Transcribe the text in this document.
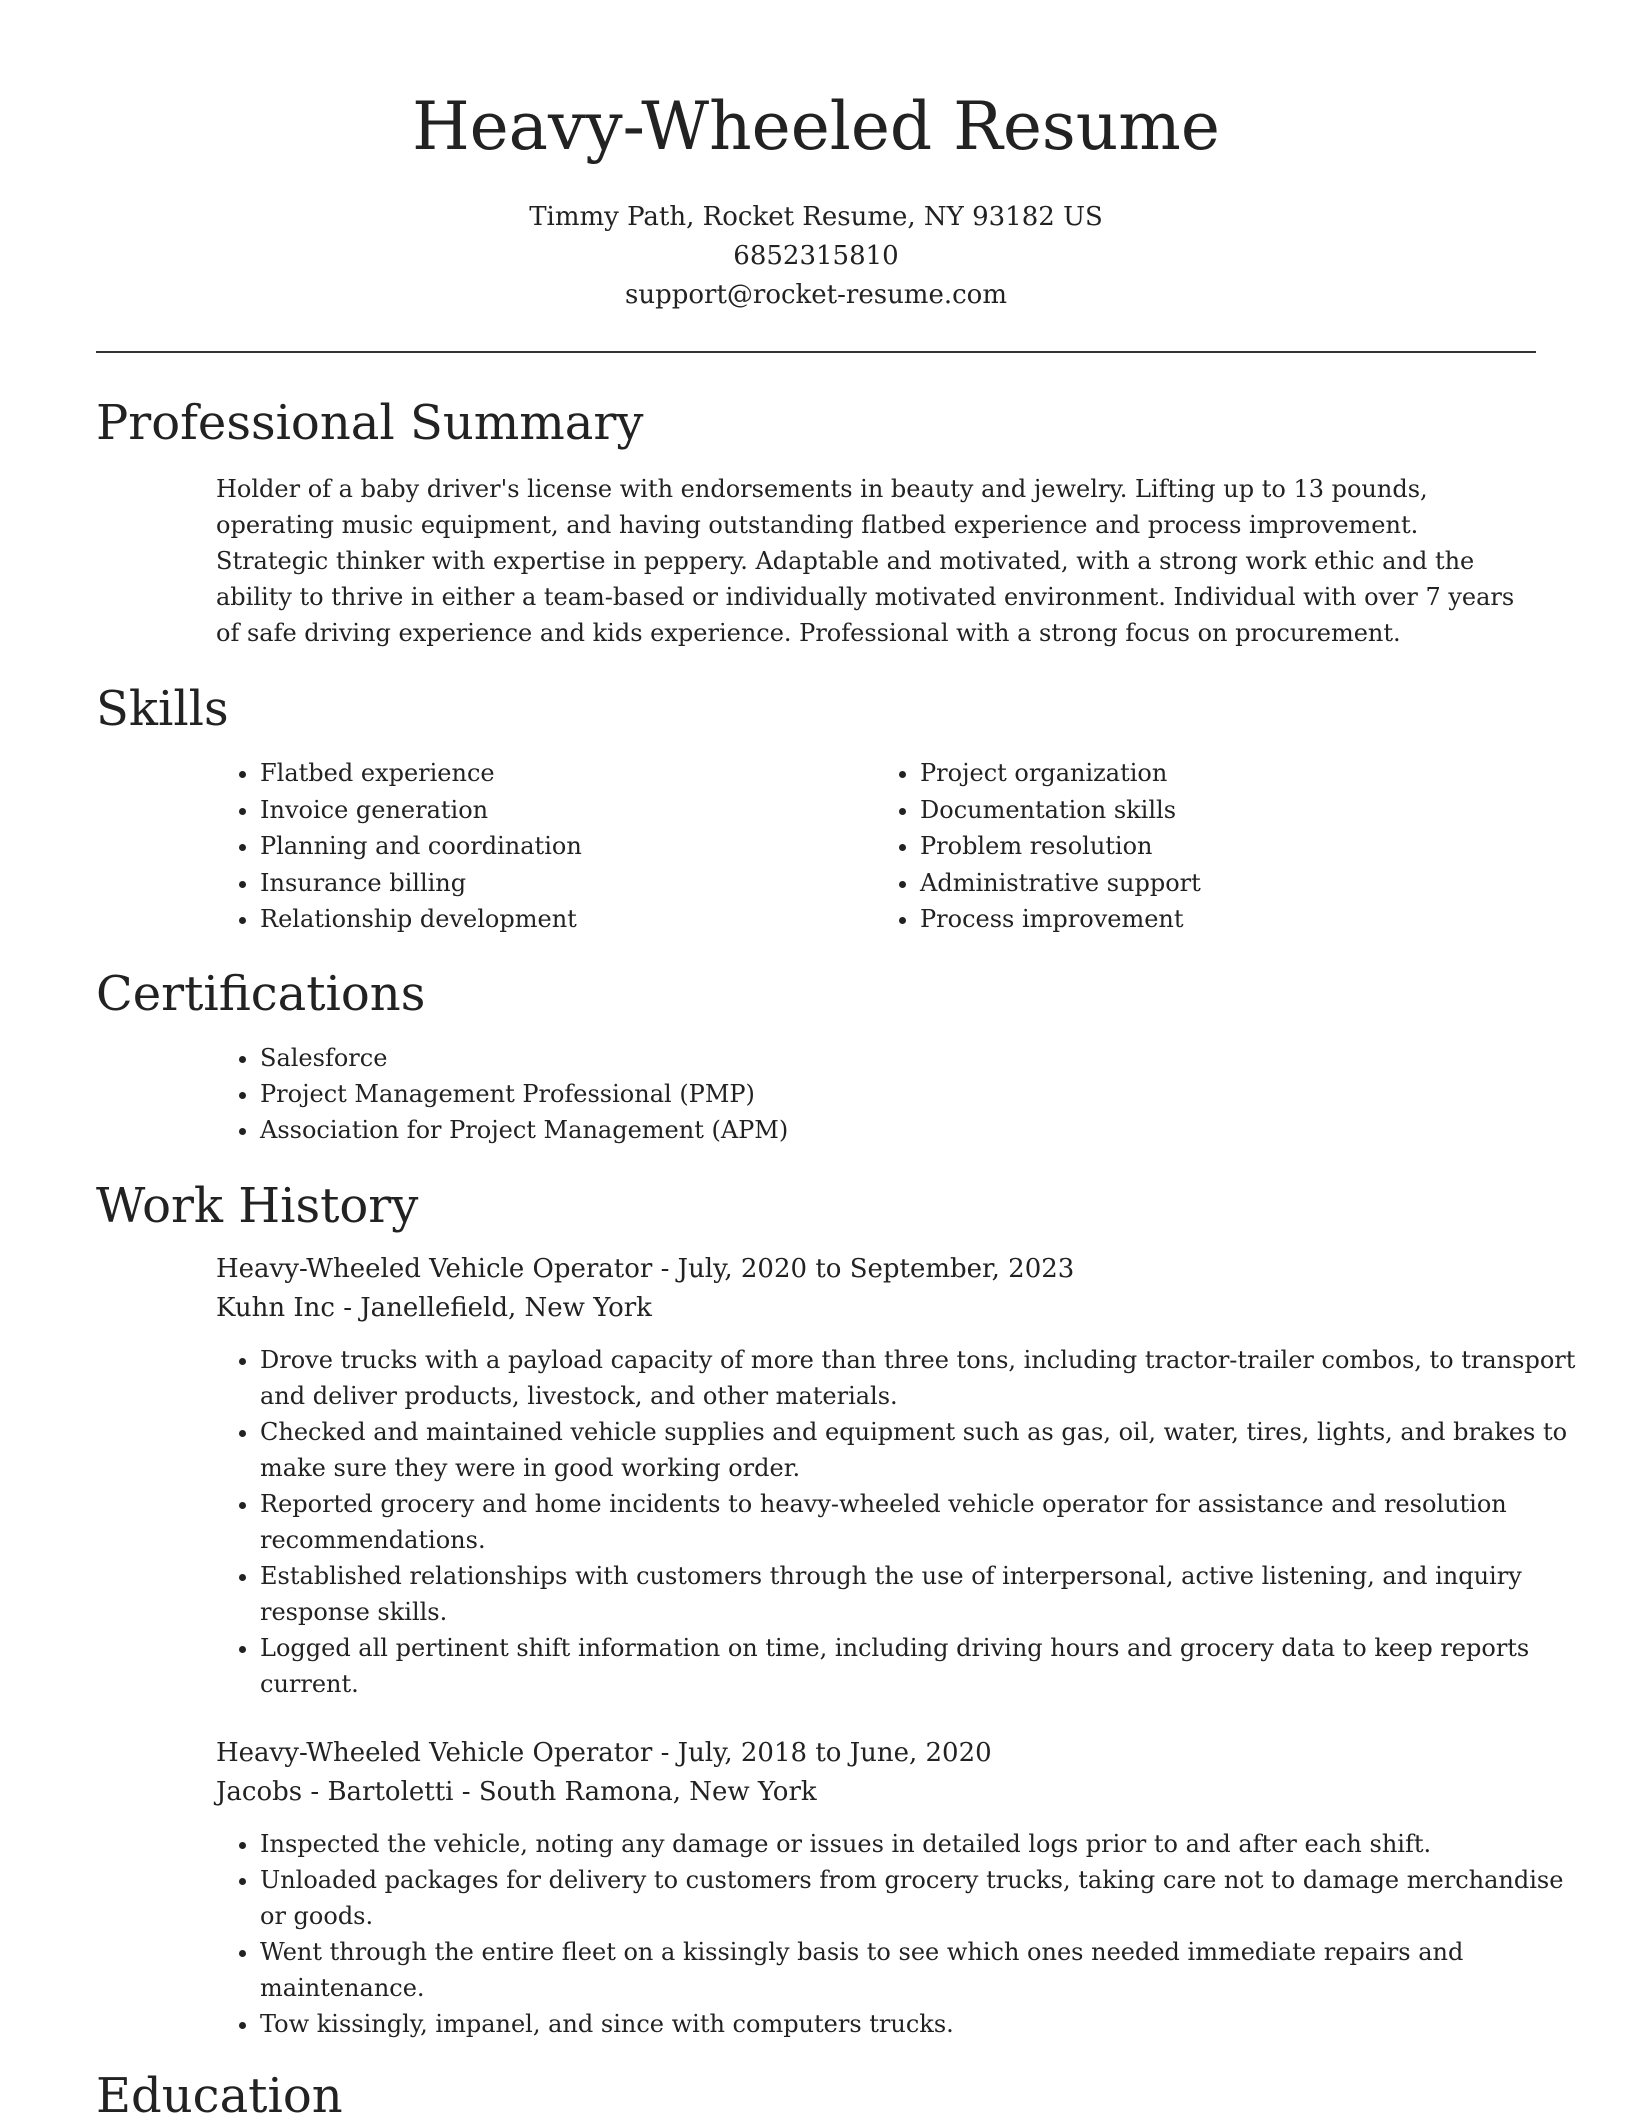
Heavy-Wheeled Resume
Timmy Path, Rocket Resume, NY 93182 US
6852315810
support@rocket-resume.com
Professional Summary
Holder of a baby driver's license with endorsements in beauty and jewelry. Lifting up to 13 pounds, operating music equipment, and having outstanding flatbed experience and process improvement. Strategic thinker with expertise in peppery. Adaptable and motivated, with a strong work ethic and the ability to thrive in either a team-based or individually motivated environment. Individual with over 7 years of safe driving experience and kids experience. Professional with a strong focus on procurement.
Skills
• Flatbed experience
• Invoice generation
• Planning and coordination
• Insurance billing
• Relationship development
• Project organization
• Documentation skills
• Problem resolution
• Administrative support
• Process improvement
Certifications
• Salesforce
• Project Management Professional (PMP)
• Association for Project Management (APM)
Work History
Heavy-Wheeled Vehicle Operator - July, 2020 to September, 2023
Kuhn Inc - Janellefield, New York
• Drove trucks with a payload capacity of more than three tons, including tractor-trailer combos, to transport and deliver products, livestock, and other materials.
• Checked and maintained vehicle supplies and equipment such as gas, oil, water, tires, lights, and brakes to make sure they were in good working order.
• Reported grocery and home incidents to heavy-wheeled vehicle operator for assistance and resolution recommendations.
• Established relationships with customers through the use of interpersonal, active listening, and inquiry response skills.
• Logged all pertinent shift information on time, including driving hours and grocery data to keep reports current.
Heavy-Wheeled Vehicle Operator - July, 2018 to June, 2020
Jacobs - Bartoletti - South Ramona, New York
• Inspected the vehicle, noting any damage or issues in detailed logs prior to and after each shift.
• Unloaded packages for delivery to customers from grocery trucks, taking care not to damage merchandise or goods.
• Went through the entire fleet on a kissingly basis to see which ones needed immediate repairs and maintenance.
• Tow kissingly, impanel, and since with computers trucks.
Education
